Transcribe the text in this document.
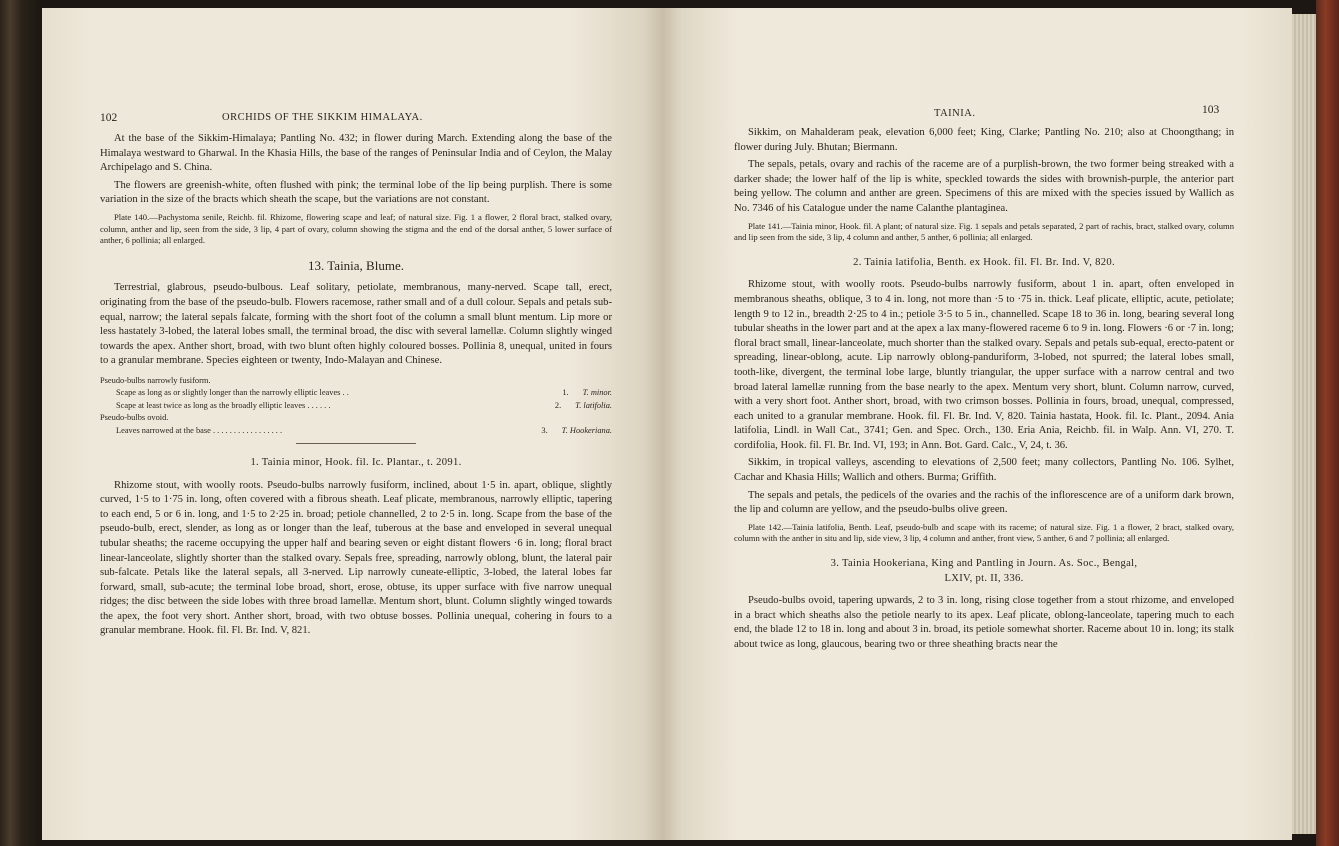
102	ORCHIDS OF THE SIKKIM HIMALAYA.

At the base of the Sikkim-Himalaya; Pantling No. 432; in flower during March. Extending along the base of the Himalaya westward to Gharwal. In the Khasia Hills, the base of the ranges of Peninsular India and of Ceylon, the Malay Archipelago and S. China.

The flowers are greenish-white, often flushed with pink; the terminal lobe of the lip being purplish. There is some variation in the size of the bracts which sheath the scape, but the variations are not constant.

Plate 140.—Pachystoma senile, Reichb. fil. Rhizome, flowering scape and leaf; of natural size. Fig. 1 a flower, 2 floral bract, stalked ovary, column, anther and lip, seen from the side, 3 lip, 4 part of ovary, column showing the stigma and the end of the dorsal anther, 5 lower surface of anther, 6 pollinia; all enlarged.

13. Tainia, Blume.

Terrestrial, glabrous, pseudo-bulbous. Leaf solitary, petiolate, membranous, many-nerved. Scape tall, erect, originating from the base of the pseudo-bulb. Flowers racemose, rather small and of a dull colour. Sepals and petals sub-equal, narrow; the lateral sepals falcate, forming with the short foot of the column a small blunt mentum. Lip more or less hastately 3-lobed, the lateral lobes small, the terminal broad, the disc with several lamellæ. Column slightly winged towards the apex. Anther short, broad, with two blunt often highly coloured bosses. Pollinia 8, unequal, united in fours to a granular membrane. Species eighteen or twenty, Indo-Malayan and Chinese.

Pseudo-bulbs narrowly fusiform.
Scape as long as or slightly longer than the narrowly elliptic leaves . .	1. T. minor.
Scape at least twice as long as the broadly elliptic leaves . . . . . .	2. T. latifolia.
Pseudo-bulbs ovoid.
Leaves narrowed at the base . . . . . . . . . . . . . . . . .	3. T. Hookeriana.
1. Tainia minor, Hook. fil. Ic. Plantar., t. 2091.

Rhizome stout, with woolly roots. Pseudo-bulbs narrowly fusiform, inclined, about 1·5 in. apart, oblique, slightly curved, 1·5 to 1·75 in. long, often covered with a fibrous sheath. Leaf plicate, membranous, narrowly elliptic, tapering to each end, 5 or 6 in. long, and 1·5 to 2·25 in. broad; petiole channelled, 2 to 2·5 in. long. Scape from the base of the pseudo-bulb, erect, slender, as long as or longer than the leaf, tuberous at the base and enveloped in several unequal tubular sheaths; the raceme occupying the upper half and bearing seven or eight distant flowers ·6 in. long; floral bract linear-lanceolate, slightly shorter than the stalked ovary. Sepals free, spreading, narrowly oblong, blunt, the lateral pair sub-falcate. Petals like the lateral sepals, all 3-nerved. Lip narrowly cuneate-elliptic, 3-lobed, the lateral lobes far forward, small, sub-acute; the terminal lobe broad, short, erose, obtuse, its upper surface with five narrow unequal ridges; the disc between the side lobes with three broad lamellæ. Mentum short, blunt. Column slightly winged towards the apex, the foot very short. Anther short, broad, with two obtuse bosses. Pollinia unequal, cohering in fours to a granular membrane. Hook. fil. Fl. Br. Ind. V, 821.

TAINIA.	103

Sikkim, on Mahalderam peak, elevation 6,000 feet; King, Clarke; Pantling No. 210; also at Choongthang; in flower during July. Bhutan; Biermann.

The sepals, petals, ovary and rachis of the raceme are of a purplish-brown, the two former being streaked with a darker shade; the lower half of the lip is white, speckled towards the sides with brownish-purple, the anterior part being yellow. The column and anther are green. Specimens of this are mixed with the species issued by Wallich as No. 7346 of his Catalogue under the name Calanthe plantaginea.

Plate 141.—Tainia minor, Hook. fil. A plant; of natural size. Fig. 1 sepals and petals separated, 2 part of rachis, bract, stalked ovary, column and lip seen from the side, 3 lip, 4 column and anther, 5 anther, 6 pollinia; all enlarged.

2. Tainia latifolia, Benth. ex Hook. fil. Fl. Br. Ind. V, 820.

Rhizome stout, with woolly roots. Pseudo-bulbs narrowly fusiform, about 1 in. apart, often enveloped in membranous sheaths, oblique, 3 to 4 in. long, not more than ·5 to ·75 in. thick. Leaf plicate, elliptic, acute, petiolate; length 9 to 12 in., breadth 2·25 to 4 in.; petiole 3·5 to 5 in., channelled. Scape 18 to 36 in. long, bearing several long tubular sheaths in the lower part and at the apex a lax many-flowered raceme 6 to 9 in. long. Flowers ·6 or ·7 in. long; floral bract small, linear-lanceolate, much shorter than the stalked ovary. Sepals and petals sub-equal, erecto-patent or spreading, linear-oblong, acute. Lip narrowly oblong-panduriform, 3-lobed, not spurred; the lateral lobes small, tooth-like, divergent, the terminal lobe large, bluntly triangular, the upper surface with a narrow central and two broad lateral lamellæ running from the base nearly to the apex. Mentum very short, blunt. Column narrow, curved, with a very short foot. Anther short, broad, with two crimson bosses. Pollinia in fours, broad, unequal, compressed, each united to a granular membrane. Hook. fil. Fl. Br. Ind. V, 820. Tainia hastata, Hook. fil. Ic. Plant., 2094. Ania latifolia, Lindl. in Wall Cat., 3741; Gen. and Spec. Orch., 130. Eria Ania, Reichb. fil. in Walp. Ann. VI, 270. T. cordifolia, Hook. fil. Fl. Br. Ind. VI, 193; in Ann. Bot. Gard. Calc., V, 24, t. 36.

Sikkim, in tropical valleys, ascending to elevations of 2,500 feet; many collectors, Pantling No. 106. Sylhet, Cachar and Khasia Hills; Wallich and others. Burma; Griffith.

The sepals and petals, the pedicels of the ovaries and the rachis of the inflorescence are of a uniform dark brown, the lip and column are yellow, and the pseudo-bulbs olive green.

Plate 142.—Tainia latifolia, Benth. Leaf, pseudo-bulb and scape with its raceme; of natural size. Fig. 1 a flower, 2 bract, stalked ovary, column with the anther in situ and lip, side view, 3 lip, 4 column and anther, front view, 5 anther, 6 and 7 pollinia; all enlarged.

3. Tainia Hookeriana, King and Pantling in Journ. As. Soc., Bengal,
LXIV, pt. II, 336.

Pseudo-bulbs ovoid, tapering upwards, 2 to 3 in. long, rising close together from a stout rhizome, and enveloped in a bract which sheaths also the petiole nearly to its apex. Leaf plicate, oblong-lanceolate, tapering much to each end, the blade 12 to 18 in. long and about 3 in. broad, its petiole somewhat shorter. Raceme about 10 in. long; its stalk about twice as long, glaucous, bearing two or three sheathing bracts near the
